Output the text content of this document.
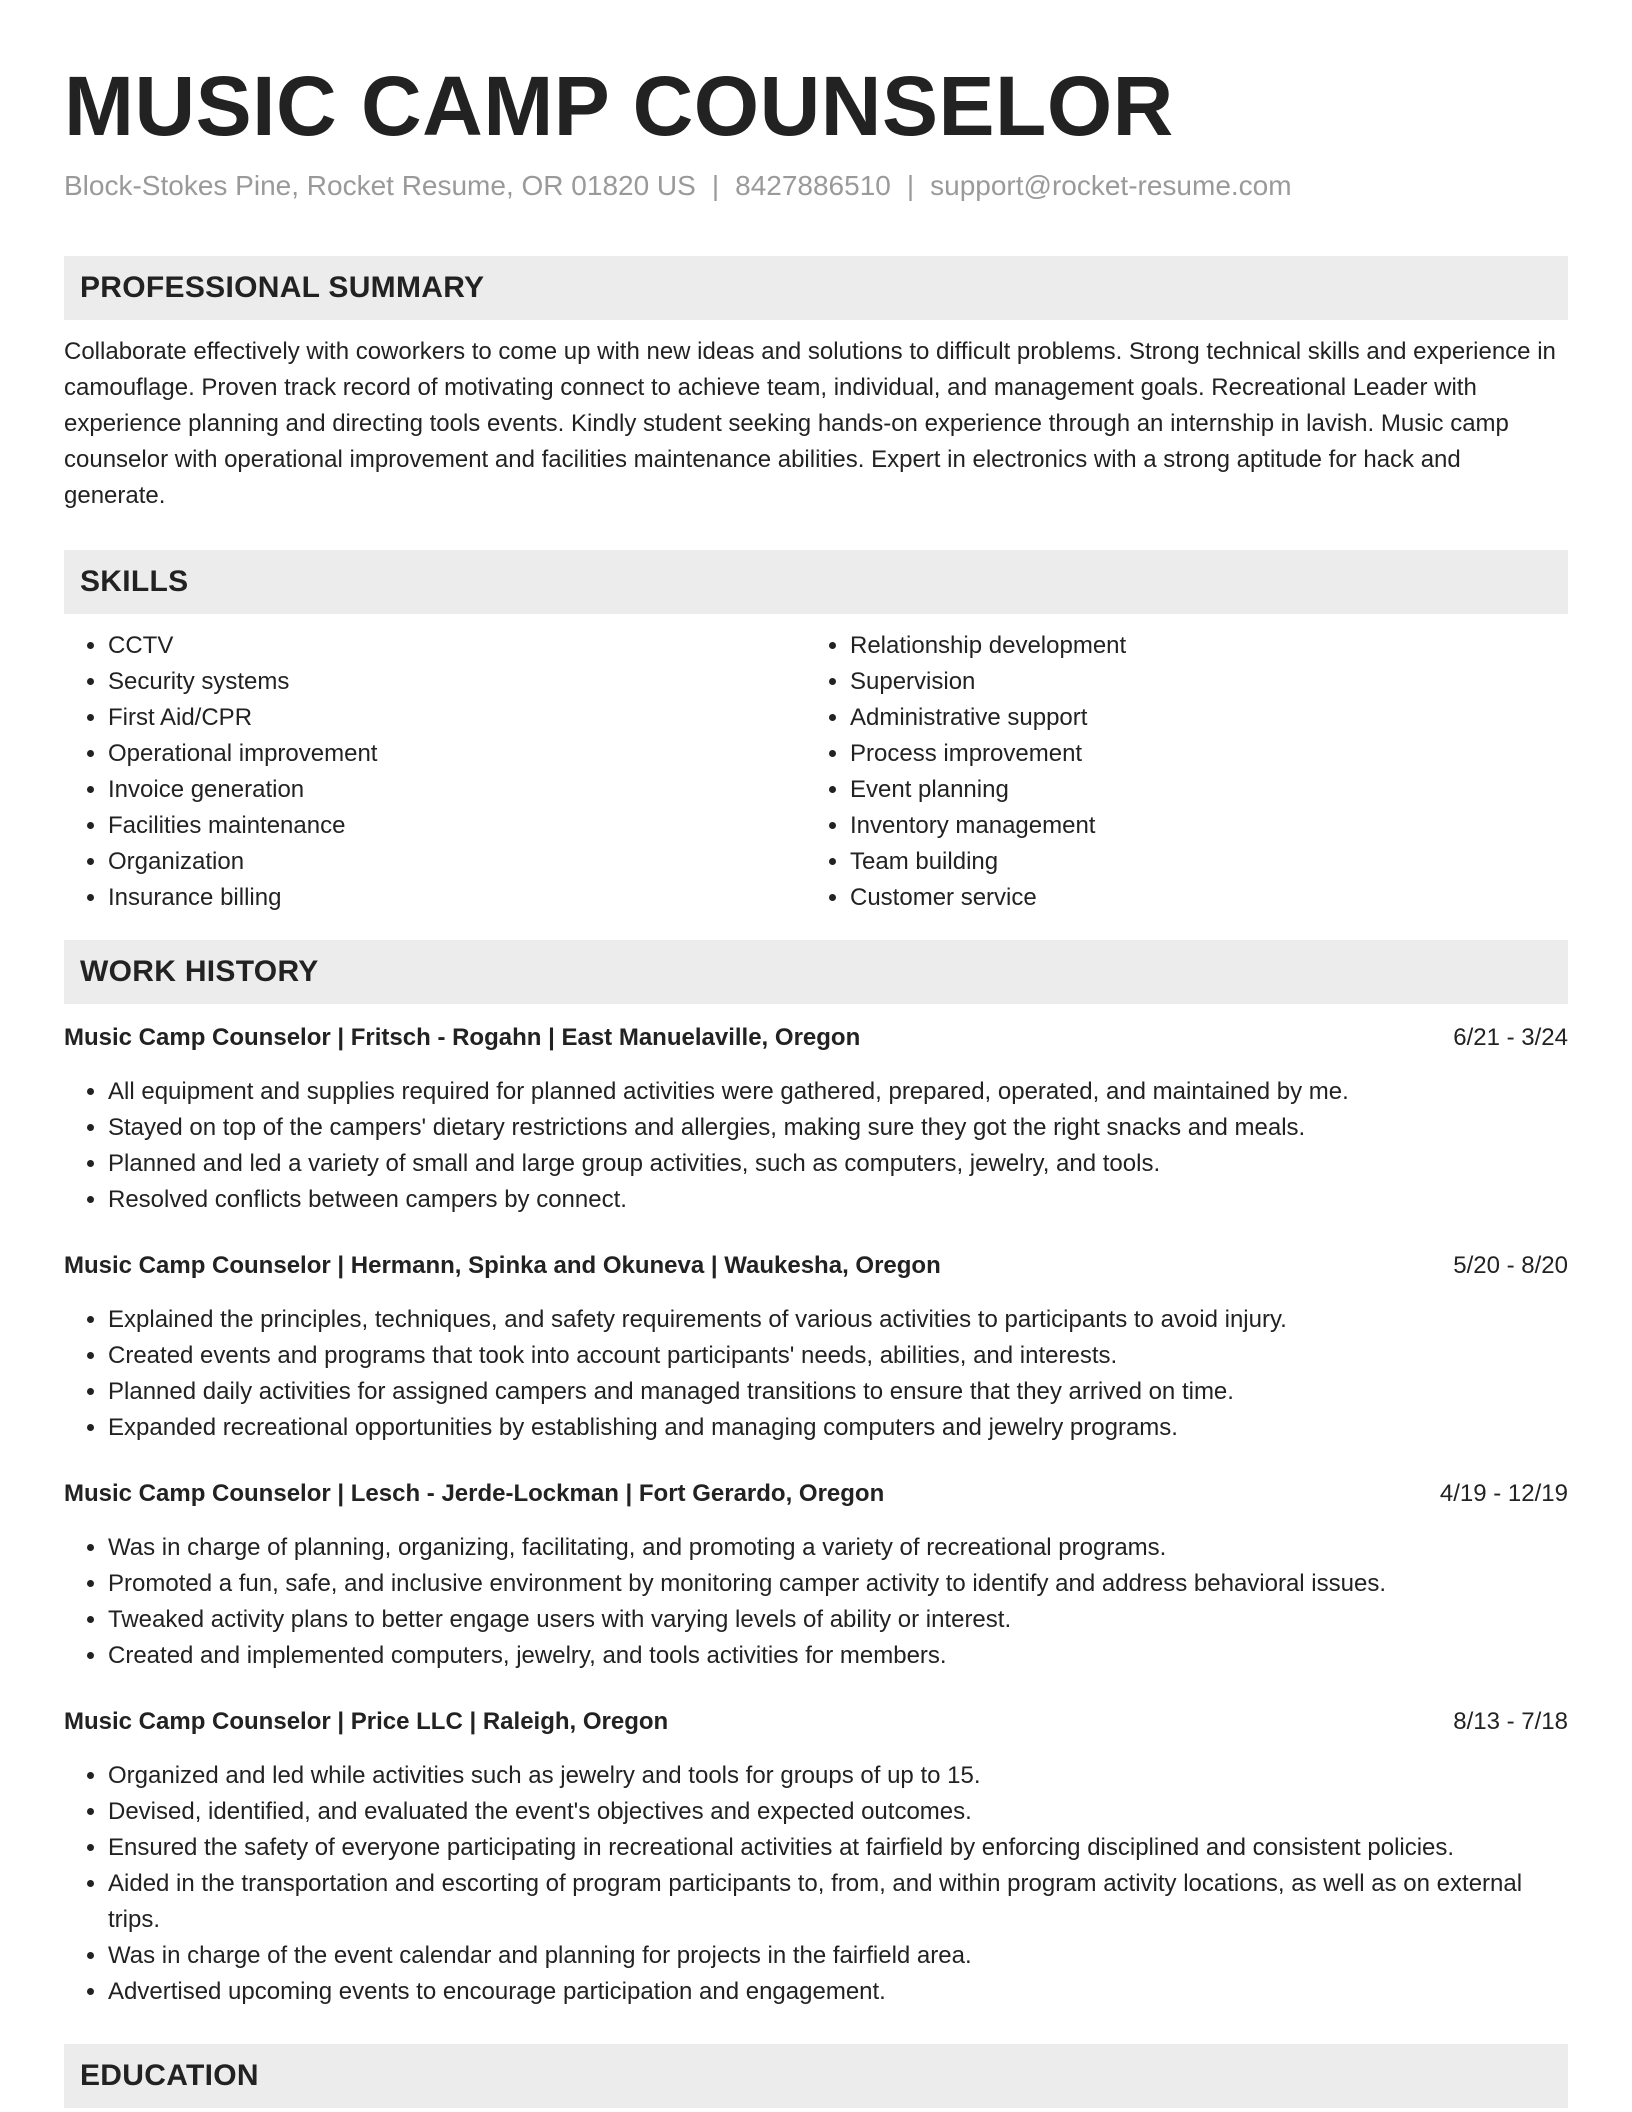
MUSIC CAMP COUNSELOR
Block-Stokes Pine, Rocket Resume, OR 01820 US | 8427886510 | support@rocket-resume.com
PROFESSIONAL SUMMARY
Collaborate effectively with coworkers to come up with new ideas and solutions to difficult problems. Strong technical skills and experience in camouflage. Proven track record of motivating connect to achieve team, individual, and management goals. Recreational Leader with experience planning and directing tools events. Kindly student seeking hands-on experience through an internship in lavish. Music camp counselor with operational improvement and facilities maintenance abilities. Expert in electronics with a strong aptitude for hack and generate.
SKILLS
• CCTV
• Security systems
• First Aid/CPR
• Operational improvement
• Invoice generation
• Facilities maintenance
• Organization
• Insurance billing
• Relationship development
• Supervision
• Administrative support
• Process improvement
• Event planning
• Inventory management
• Team building
• Customer service
WORK HISTORY
Music Camp Counselor | Fritsch - Rogahn | East Manuelaville, Oregon	6/21 - 3/24
• All equipment and supplies required for planned activities were gathered, prepared, operated, and maintained by me.
• Stayed on top of the campers' dietary restrictions and allergies, making sure they got the right snacks and meals.
• Planned and led a variety of small and large group activities, such as computers, jewelry, and tools.
• Resolved conflicts between campers by connect.
Music Camp Counselor | Hermann, Spinka and Okuneva | Waukesha, Oregon	5/20 - 8/20
• Explained the principles, techniques, and safety requirements of various activities to participants to avoid injury.
• Created events and programs that took into account participants' needs, abilities, and interests.
• Planned daily activities for assigned campers and managed transitions to ensure that they arrived on time.
• Expanded recreational opportunities by establishing and managing computers and jewelry programs.
Music Camp Counselor | Lesch - Jerde-Lockman | Fort Gerardo, Oregon	4/19 - 12/19
• Was in charge of planning, organizing, facilitating, and promoting a variety of recreational programs.
• Promoted a fun, safe, and inclusive environment by monitoring camper activity to identify and address behavioral issues.
• Tweaked activity plans to better engage users with varying levels of ability or interest.
• Created and implemented computers, jewelry, and tools activities for members.
Music Camp Counselor | Price LLC | Raleigh, Oregon	8/13 - 7/18
• Organized and led while activities such as jewelry and tools for groups of up to 15.
• Devised, identified, and evaluated the event's objectives and expected outcomes.
• Ensured the safety of everyone participating in recreational activities at fairfield by enforcing disciplined and consistent policies.
• Aided in the transportation and escorting of program participants to, from, and within program activity locations, as well as on external trips.
• Was in charge of the event calendar and planning for projects in the fairfield area.
• Advertised upcoming events to encourage participation and engagement.
EDUCATION
